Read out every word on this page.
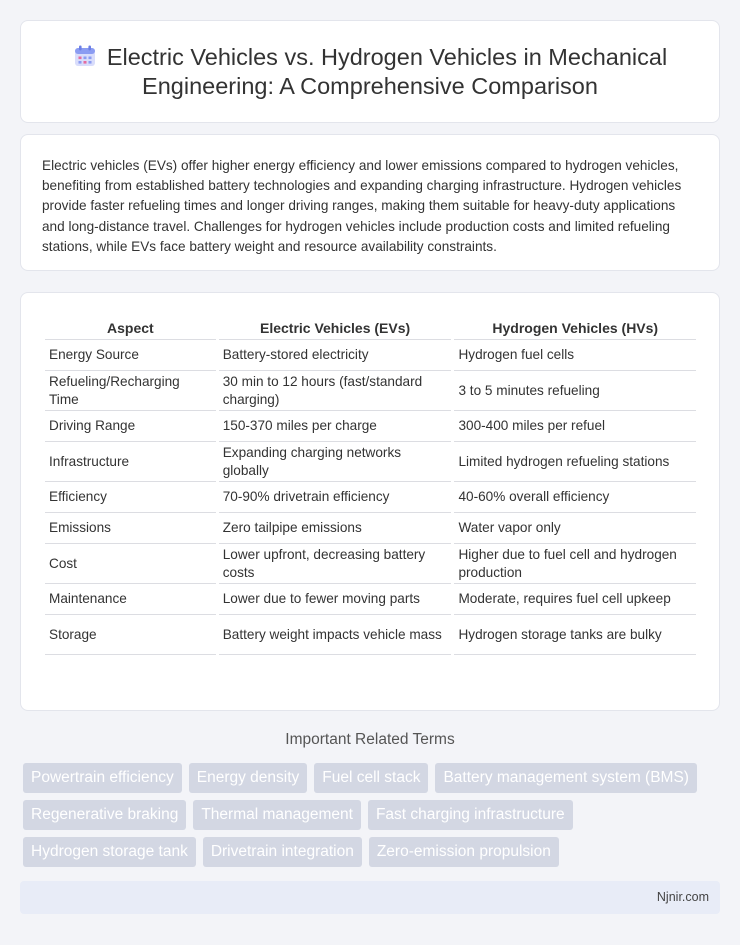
Electric Vehicles vs. Hydrogen Vehicles in Mechanical Engineering: A Comprehensive Comparison

Electric vehicles (EVs) offer higher energy efficiency and lower emissions compared to hydrogen vehicles, benefiting from established battery technologies and expanding charging infrastructure. Hydrogen vehicles provide faster refueling times and longer driving ranges, making them suitable for heavy-duty applications and long-distance travel. Challenges for hydrogen vehicles include production costs and limited refueling stations, while EVs face battery weight and resource availability constraints.

Aspect	Electric Vehicles (EVs)	Hydrogen Vehicles (HVs)
Energy Source	Battery-stored electricity	Hydrogen fuel cells
Refueling/Recharging Time	30 min to 12 hours (fast/standard charging)	3 to 5 minutes refueling
Driving Range	150-370 miles per charge	300-400 miles per refuel
Infrastructure	Expanding charging networks globally	Limited hydrogen refueling stations
Efficiency	70-90% drivetrain efficiency	40-60% overall efficiency
Emissions	Zero tailpipe emissions	Water vapor only
Cost	Lower upfront, decreasing battery costs	Higher due to fuel cell and hydrogen production
Maintenance	Lower due to fewer moving parts	Moderate, requires fuel cell upkeep
Storage	Battery weight impacts vehicle mass	Hydrogen storage tanks are bulky
Important Related Terms
Powertrain efficiency	Energy density	Fuel cell stack	Battery management system (BMS)
Regenerative braking	Thermal management	Fast charging infrastructure
Hydrogen storage tank	Drivetrain integration	Zero-emission propulsion
Njnir.com
